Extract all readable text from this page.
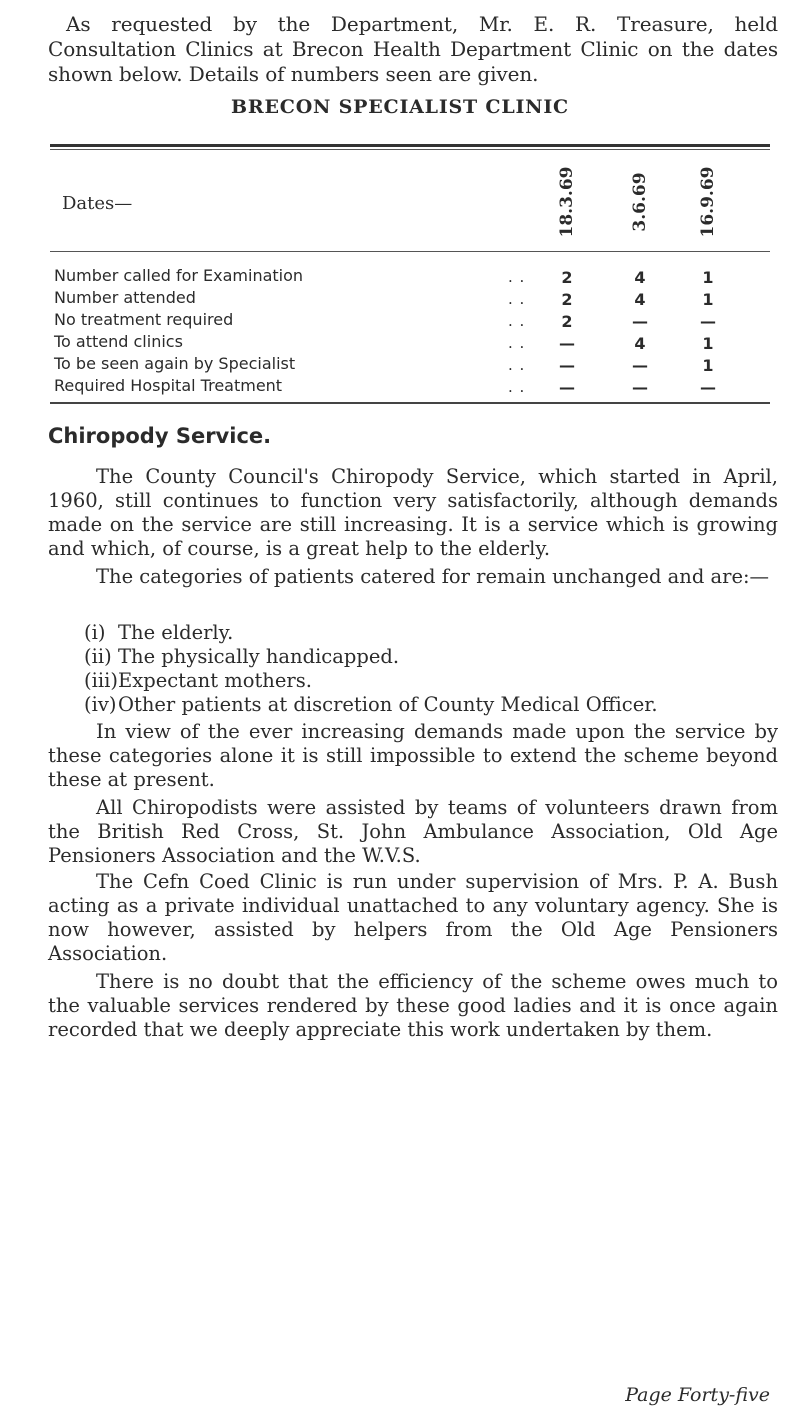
As requested by the Department, Mr. E. R. Treasure, held Consultation Clinics at Brecon Health Department Clinic on the dates shown below. Details of numbers seen are given.

BRECON SPECIALIST CLINIC
Dates—	18.3.69	3.6.69	16.9.69
Number called for Examination	. .	2	4	1
Number attended	. .	2	4	1
No treatment required	. .	2	—	—
To attend clinics	. .	—	4	1
To be seen again by Specialist	. .	—	—	1
Required Hospital Treatment	. .	—	—	—
Chiropody Service.

The County Council's Chiropody Service, which started in April, 1960, still continues to function very satisfactorily, although demands made on the service are still increasing. It is a service which is growing and which, of course, is a great help to the elderly.

The categories of patients catered for remain unchanged and are:—

(i) The elderly.
(ii) The physically handicapped.
(iii)Expectant mothers.
(iv)Other patients at discretion of County Medical Officer.

In view of the ever increasing demands made upon the service by these categories alone it is still impossible to extend the scheme beyond these at present.

All Chiropodists were assisted by teams of volunteers drawn from the British Red Cross, St. John Ambulance Association, Old Age Pensioners Association and the W.V.S.

The Cefn Coed Clinic is run under supervision of Mrs. P. A. Bush acting as a private individual unattached to any voluntary agency. She is now however, assisted by helpers from the Old Age Pensioners Association.

There is no doubt that the efficiency of the scheme owes much to the valuable services rendered by these good ladies and it is once again recorded that we deeply appreciate this work undertaken by them.

Page Forty-five
